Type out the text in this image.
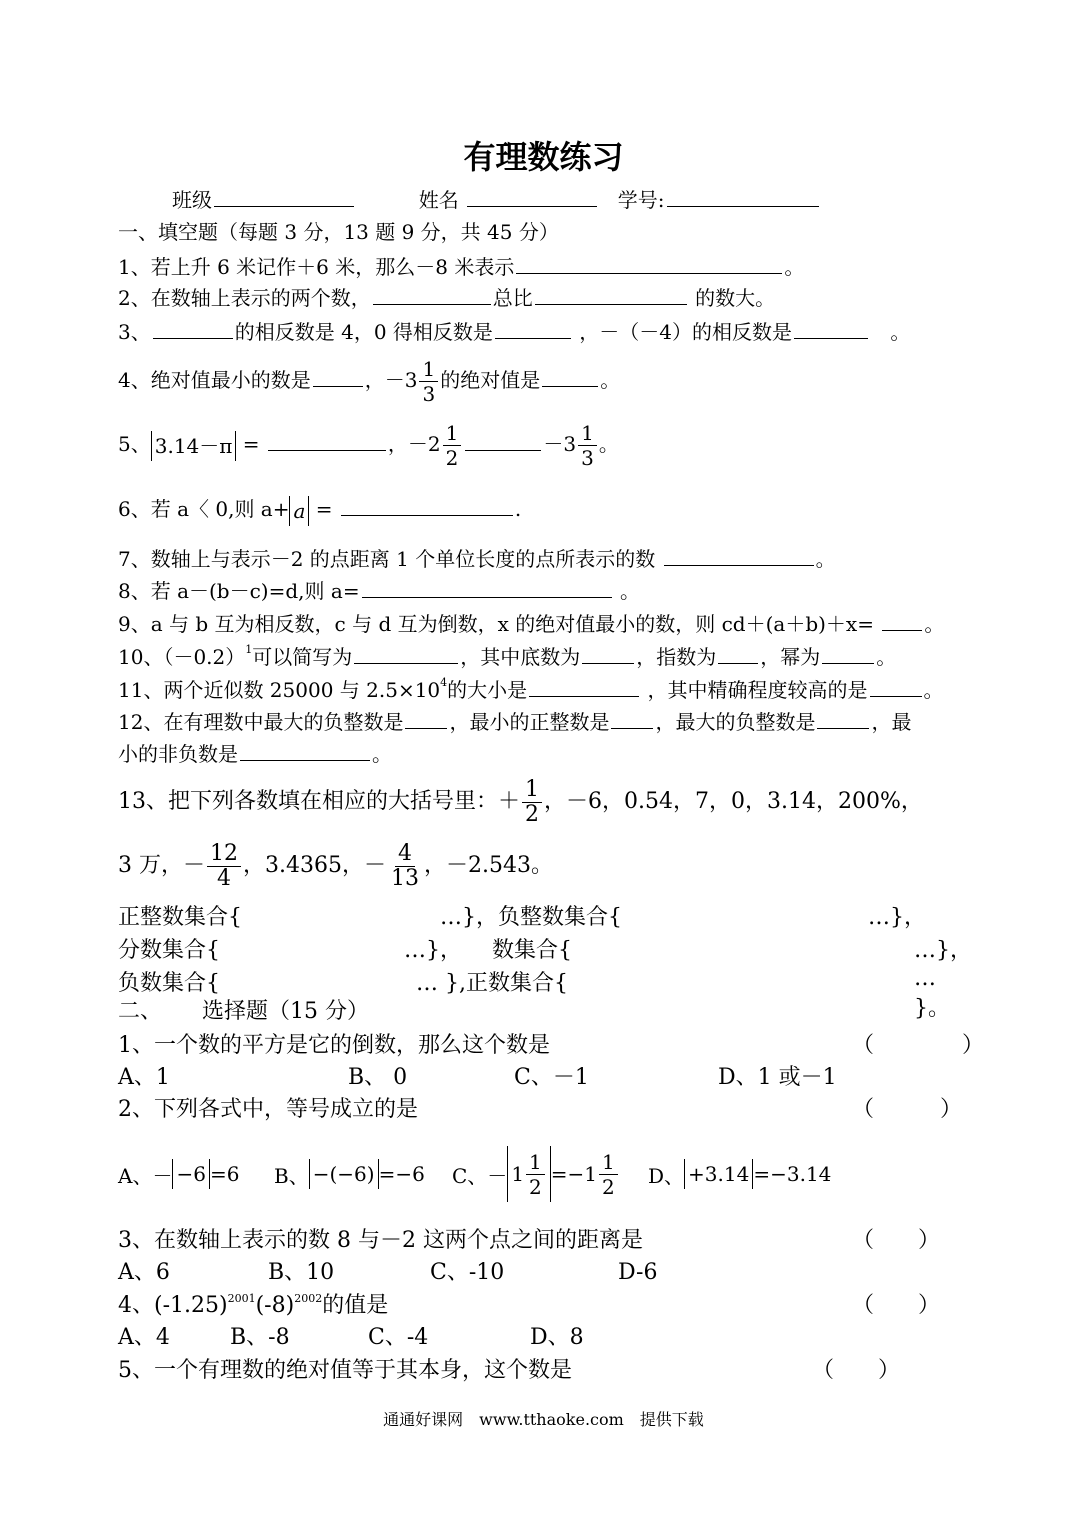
有理数练习
班级	姓名	学号:
一、填空题（每题 3 分，13 题 9 分，共 45 分）
1、若上升 6 米记作＋6 米，那么－8 米表示	。
2、在数轴上表示的两个数，	总比	的数大。
3、	的相反数是 4，0 得相反数是	，－（－4）的相反数是	。
4、绝对值最小的数是	，$-3 \frac{1}{3}$ 的绝对值是	。
5、 3.14－π =	，$-2 \frac{1}{2}$	$-3 \frac{1}{3}$ 。
6、若 a〈 0,则 a+ a =	.
7、数轴上与表示－2 的点距离 1 个单位长度的点所表示的数	。
8、若 a－(b－c)=d,则 a=	。
9、a 与 b 互为相反数，c 与 d 互为倒数，x 的绝对值最小的数，则 cd＋(a＋b)＋x=	。
10、$(-0.2)^1$可以简写为	，其中底数为	，指数为 ，幂为	。
11、两个近似数 25000 与 $2.5\times 10^4$的大小是	，其中精确程度较高的是	。
12、在有理数中最大的负整数是 ，最小的正整数是 ，最大的负整数是	，最
小的非负数是	。
13、把下列各数填在相应的大括号里：＋ $\frac{1}{2}$ ，－6，0.54，7，0，3.14，200%，
3 万，－ $\frac{12}{4}$ ，3.4365，－ $\frac{4}{13}$ ，－2.543。
正整数集合{	…}，负整数集合{	…}，
分数集合{	…}， 数集合{	…}，
负数集合{	… },正数集合{	… }。
二、 选择题（15 分）
1、一个数的平方是它的倒数，那么这个数是	（　　　　）
A、1	B、 0	C、－1	D、1 或－1
2、下列各式中，等号成立的是	（　　　）
A、－ −6 =6 B、 −(−6) =−6 C、－ $1 \frac{1}{2} =-1 \frac{1}{2}$ D、 +3.14 =−3.14
3、在数轴上表示的数 8 与－2 这两个点之间的距离是	（　　）
A、6	B、10	C、-10	D-6
4、$(-1.25)^{2001}(-8)^{2002}$的值是	（　　）
A、4	B、-8	C、-4	D、8
5、一个有理数的绝对值等于其本身，这个数是	（　　）
通通好课网　www.tthaoke.com　提供下载
